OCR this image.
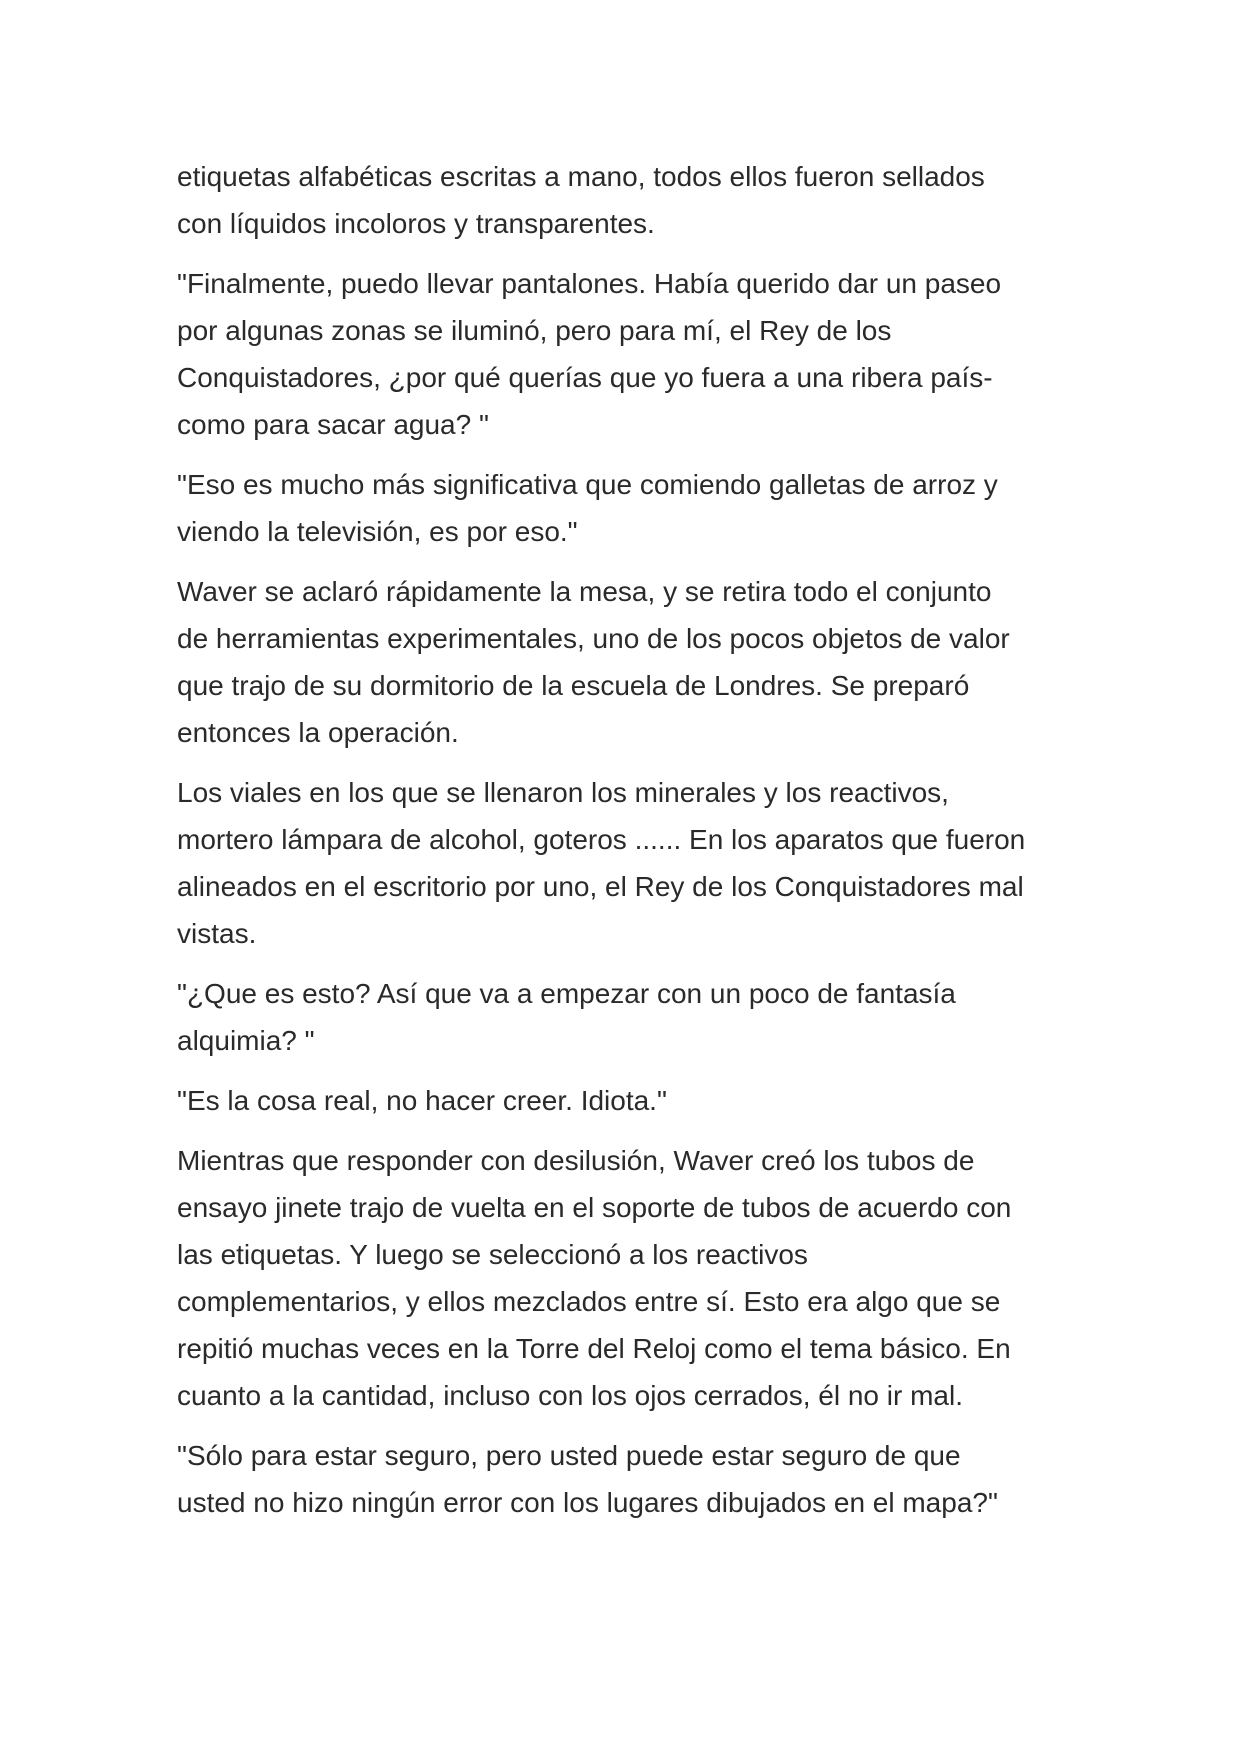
etiquetas alfabéticas escritas a mano, todos ellos fueron sellados
con líquidos incoloros y transparentes.

"Finalmente, puedo llevar pantalones. Había querido dar un paseo
por algunas zonas se iluminó, pero para mí, el Rey de los
Conquistadores, ¿por qué querías que yo fuera a una ribera país-
como para sacar agua? "

"Eso es mucho más significativa que comiendo galletas de arroz y
viendo la televisión, es por eso."

Waver se aclaró rápidamente la mesa, y se retira todo el conjunto
de herramientas experimentales, uno de los pocos objetos de valor
que trajo de su dormitorio de la escuela de Londres. Se preparó
entonces la operación.

Los viales en los que se llenaron los minerales y los reactivos,
mortero lámpara de alcohol, goteros ...... En los aparatos que fueron
alineados en el escritorio por uno, el Rey de los Conquistadores mal
vistas.

"¿Que es esto? Así que va a empezar con un poco de fantasía
alquimia? "

"Es la cosa real, no hacer creer. Idiota."

Mientras que responder con desilusión, Waver creó los tubos de
ensayo jinete trajo de vuelta en el soporte de tubos de acuerdo con
las etiquetas. Y luego se seleccionó a los reactivos
complementarios, y ellos mezclados entre sí. Esto era algo que se
repitió muchas veces en la Torre del Reloj como el tema básico. En
cuanto a la cantidad, incluso con los ojos cerrados, él no ir mal.

"Sólo para estar seguro, pero usted puede estar seguro de que
usted no hizo ningún error con los lugares dibujados en el mapa?"
